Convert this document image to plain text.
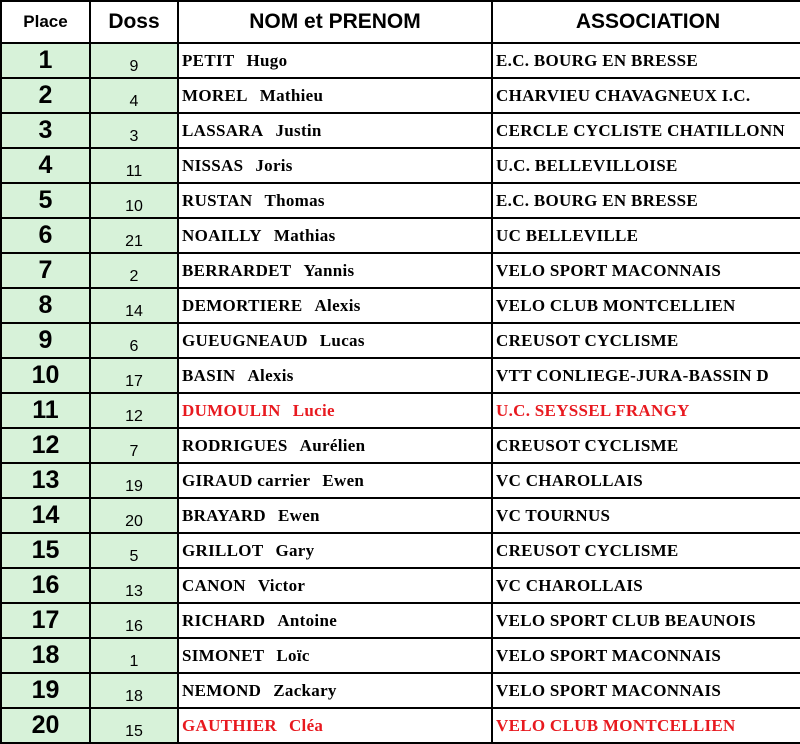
Place	Doss	NOM et PRENOM	ASSOCIATION
1	9	PETIT Hugo	E.C. BOURG EN BRESSE
2	4	MOREL Mathieu	CHARVIEU CHAVAGNEUX I.C.
3	3	LASSARA Justin	CERCLE CYCLISTE CHATILLONN
4	11	NISSAS Joris	U.C. BELLEVILLOISE
5	10	RUSTAN Thomas	E.C. BOURG EN BRESSE
6	21	NOAILLY Mathias	UC BELLEVILLE
7	2	BERRARDET Yannis	VELO SPORT MACONNAIS
8	14	DEMORTIERE Alexis	VELO CLUB MONTCELLIEN
9	6	GUEUGNEAUD Lucas	CREUSOT CYCLISME
10	17	BASIN Alexis	VTT CONLIEGE-JURA-BASSIN D
11	12	DUMOULIN Lucie	U.C. SEYSSEL FRANGY
12	7	RODRIGUES Aurélien	CREUSOT CYCLISME
13	19	GIRAUD carrier Ewen	VC CHAROLLAIS
14	20	BRAYARD Ewen	VC TOURNUS
15	5	GRILLOT Gary	CREUSOT CYCLISME
16	13	CANON Victor	VC CHAROLLAIS
17	16	RICHARD Antoine	VELO SPORT CLUB BEAUNOIS
18	1	SIMONET Loïc	VELO SPORT MACONNAIS
19	18	NEMOND Zackary	VELO SPORT MACONNAIS
20	15	GAUTHIER Cléa	VELO CLUB MONTCELLIEN
